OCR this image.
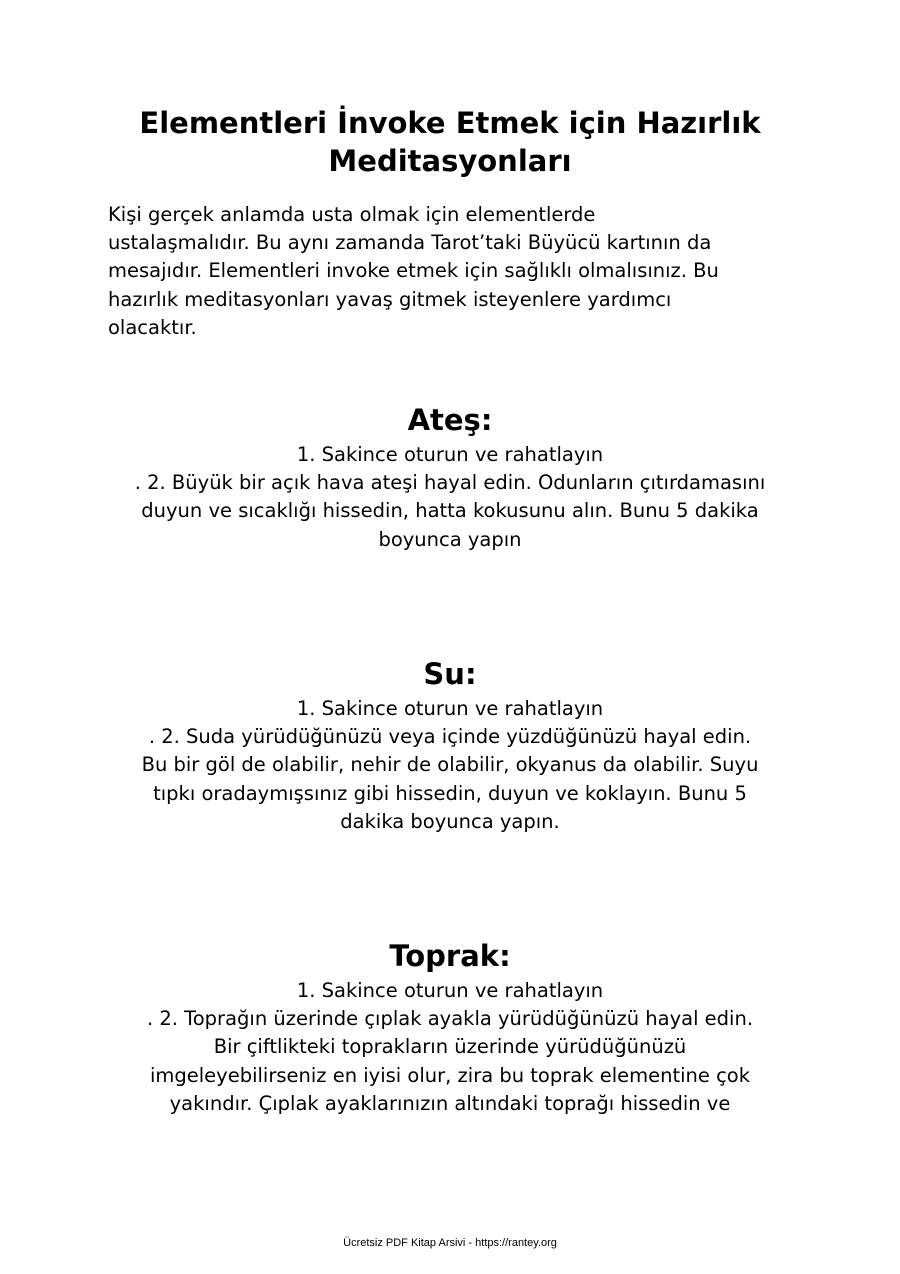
Elementleri İnvoke Etmek için Hazırlık
Meditasyonları

Kişi gerçek anlamda usta olmak için elementlerde
ustalaşmalıdır. Bu aynı zamanda Tarot’taki Büyücü kartının da
mesajıdır. Elementleri invoke etmek için sağlıklı olmalısınız. Bu
hazırlık meditasyonları yavaş gitmek isteyenlere yardımcı
olacaktır.

Ateş:

1. Sakince oturun ve rahatlayın
. 2. Büyük bir açık hava ateşi hayal edin. Odunların çıtırdamasını
duyun ve sıcaklığı hissedin, hatta kokusunu alın. Bunu 5 dakika
boyunca yapın

Su:

1. Sakince oturun ve rahatlayın
. 2. Suda yürüdüğünüzü veya içinde yüzdüğünüzü hayal edin.
Bu bir göl de olabilir, nehir de olabilir, okyanus da olabilir. Suyu
tıpkı oradaymışsınız gibi hissedin, duyun ve koklayın. Bunu 5
dakika boyunca yapın.

Toprak:

1. Sakince oturun ve rahatlayın
. 2. Toprağın üzerinde çıplak ayakla yürüdüğünüzü hayal edin.
Bir çiftlikteki toprakların üzerinde yürüdüğünüzü
imgeleyebilirseniz en iyisi olur, zira bu toprak elementine çok
yakındır. Çıplak ayaklarınızın altındaki toprağı hissedin ve

Ücretsiz PDF Kitap Arsivi - https://rantey.org
